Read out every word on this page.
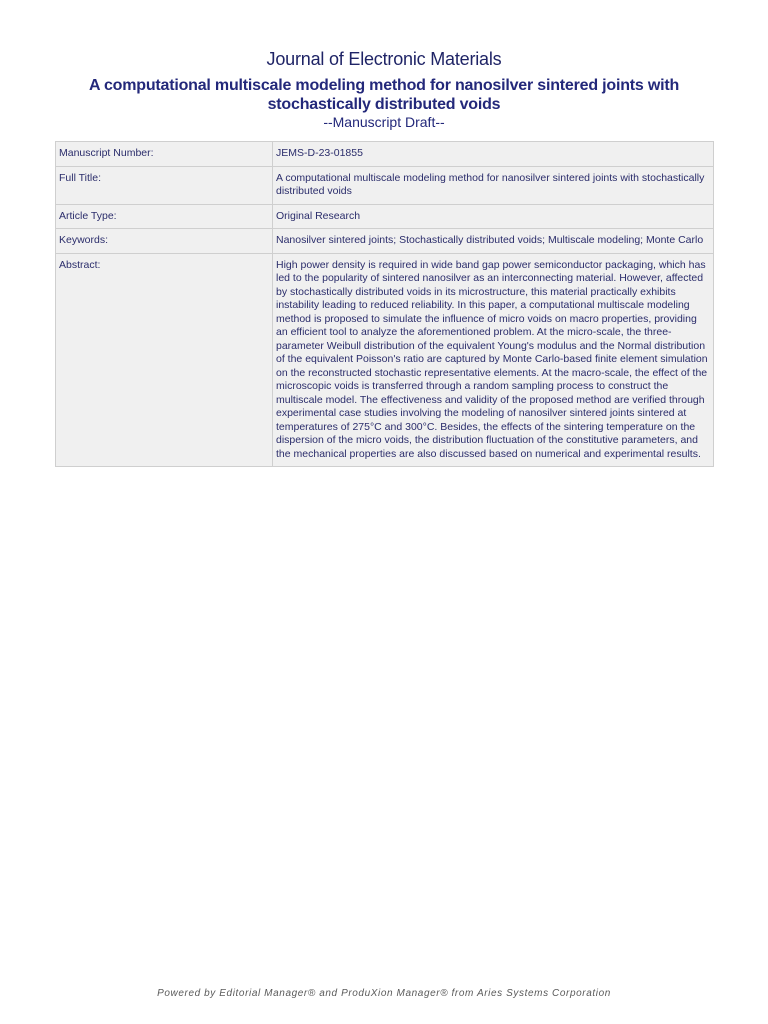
Journal of Electronic Materials
A computational multiscale modeling method for nanosilver sintered joints with stochastically distributed voids

--Manuscript Draft--

Manuscript Number:	JEMS-D-23-01855
Full Title:	A computational multiscale modeling method for nanosilver sintered joints with stochastically distributed voids
Article Type:	Original Research
Keywords:	Nanosilver sintered joints; Stochastically distributed voids; Multiscale modeling; Monte Carlo
Abstract:	High power density is required in wide band gap power semiconductor packaging, which has led to the popularity of sintered nanosilver as an interconnecting material. However, affected by stochastically distributed voids in its microstructure, this material practically exhibits instability leading to reduced reliability. In this paper, a computational multiscale modeling method is proposed to simulate the influence of micro voids on macro properties, providing an efficient tool to analyze the aforementioned problem. At the micro-scale, the three-parameter Weibull distribution of the equivalent Young's modulus and the Normal distribution of the equivalent Poisson's ratio are captured by Monte Carlo-based finite element simulation on the reconstructed stochastic representative elements. At the macro-scale, the effect of the microscopic voids is transferred through a random sampling process to construct the multiscale model. The effectiveness and validity of the proposed method are verified through experimental case studies involving the modeling of nanosilver sintered joints sintered at temperatures of 275°C and 300°C. Besides, the effects of the sintering temperature on the dispersion of the micro voids, the distribution fluctuation of the constitutive parameters, and the mechanical properties are also discussed based on numerical and experimental results.
Powered by Editorial Manager® and ProduXion Manager® from Aries Systems Corporation
